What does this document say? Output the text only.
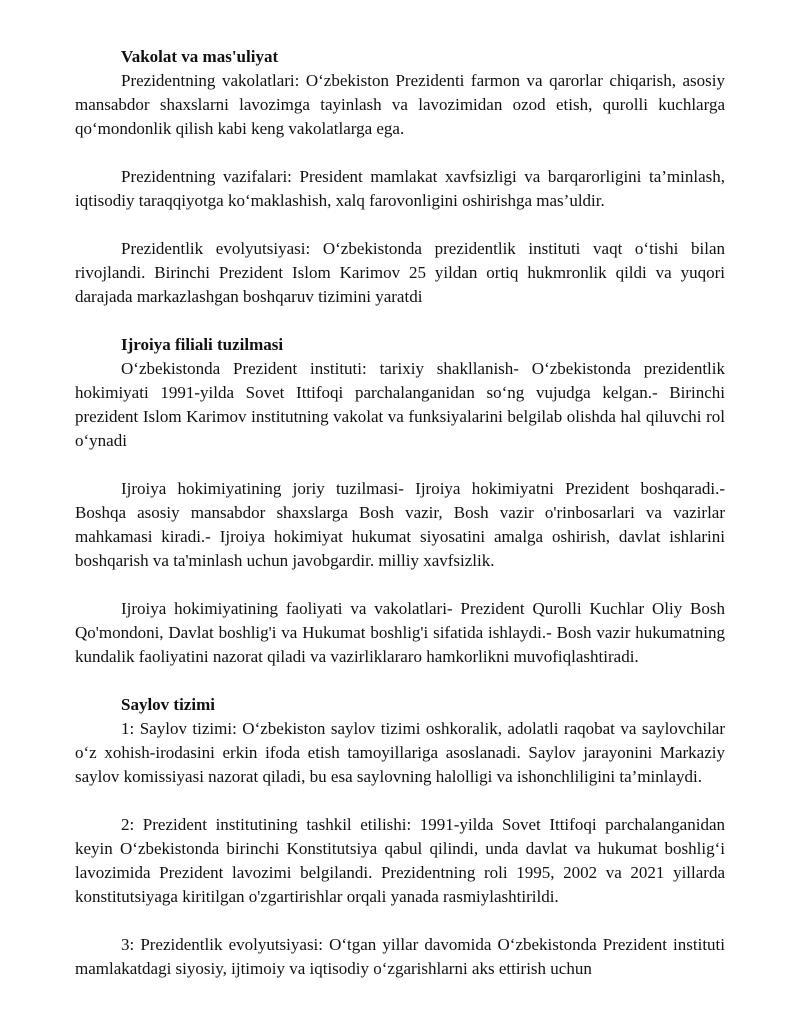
Vakolat va mas'uliyat

Prezidentning vakolatlari: O‘zbekiston Prezidenti farmon va qarorlar chiqarish, asosiy mansabdor shaxslarni lavozimga tayinlash va lavozimidan ozod etish, qurolli kuchlarga qo‘mondonlik qilish kabi keng vakolatlarga ega.

Prezidentning vazifalari: President mamlakat xavfsizligi va barqarorligini ta’minlash, iqtisodiy taraqqiyotga ko‘maklashish, xalq farovonligini oshirishga mas’uldir.

Prezidentlik evolyutsiyasi: O‘zbekistonda prezidentlik instituti vaqt o‘tishi bilan rivojlandi. Birinchi Prezident Islom Karimov 25 yildan ortiq hukmronlik qildi va yuqori darajada markazlashgan boshqaruv tizimini yaratdi

Ijroiya filiali tuzilmasi

O‘zbekistonda Prezident instituti: tarixiy shakllanish- O‘zbekistonda prezidentlik hokimiyati 1991-yilda Sovet Ittifoqi parchalanganidan so‘ng vujudga kelgan.- Birinchi prezident Islom Karimov institutning vakolat va funksiyalarini belgilab olishda hal qiluvchi rol o‘ynadi

Ijroiya hokimiyatining joriy tuzilmasi- Ijroiya hokimiyatni Prezident boshqaradi.- Boshqa asosiy mansabdor shaxslarga Bosh vazir, Bosh vazir o'rinbosarlari va vazirlar mahkamasi kiradi.- Ijroiya hokimiyat hukumat siyosatini amalga oshirish, davlat ishlarini boshqarish va ta'minlash uchun javobgardir. milliy xavfsizlik.

Ijroiya hokimiyatining faoliyati va vakolatlari- Prezident Qurolli Kuchlar Oliy Bosh Qo'mondoni, Davlat boshlig'i va Hukumat boshlig'i sifatida ishlaydi.- Bosh vazir hukumatning kundalik faoliyatini nazorat qiladi va vazirliklararo hamkorlikni muvofiqlashtiradi.

Saylov tizimi

1: Saylov tizimi: O‘zbekiston saylov tizimi oshkoralik, adolatli raqobat va saylovchilar o‘z xohish-irodasini erkin ifoda etish tamoyillariga asoslanadi. Saylov jarayonini Markaziy saylov komissiyasi nazorat qiladi, bu esa saylovning halolligi va ishonchliligini ta’minlaydi.

2: Prezident institutining tashkil etilishi: 1991-yilda Sovet Ittifoqi parchalanganidan keyin O‘zbekistonda birinchi Konstitutsiya qabul qilindi, unda davlat va hukumat boshlig‘i lavozimida Prezident lavozimi belgilandi. Prezidentning roli 1995, 2002 va 2021 yillarda konstitutsiyaga kiritilgan o'zgartirishlar orqali yanada rasmiylashtirildi.

3: Prezidentlik evolyutsiyasi: O‘tgan yillar davomida O‘zbekistonda Prezident instituti mamlakatdagi siyosiy, ijtimoiy va iqtisodiy o‘zgarishlarni aks ettirish uchun
